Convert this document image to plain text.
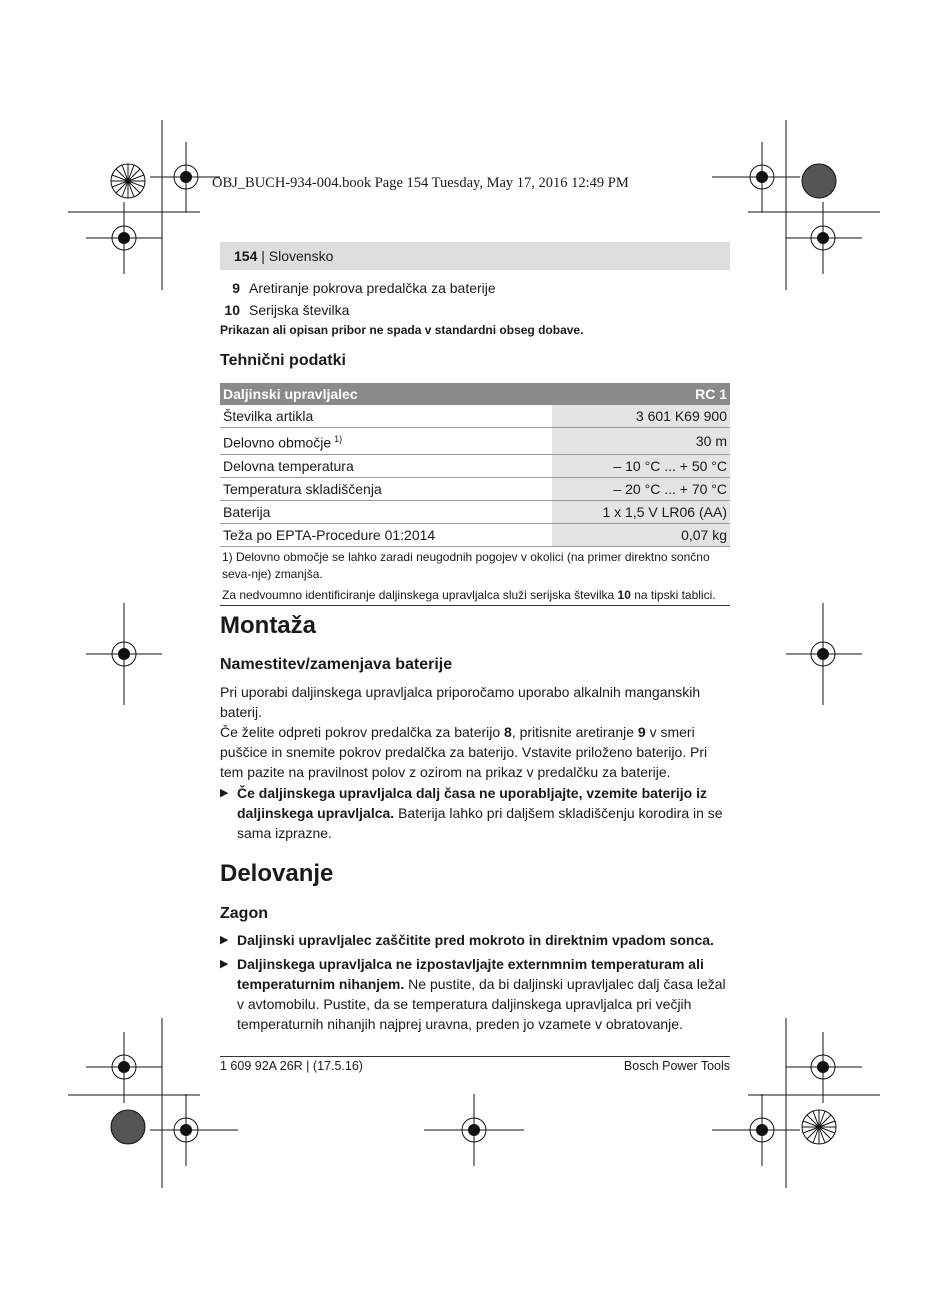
OBJ_BUCH-934-004.book Page 154 Tuesday, May 17, 2016 12:49 PM
154 | Slovensko
9 Aretiranje pokrova predalčka za baterije
10 Serijska številka
Prikazan ali opisan pribor ne spada v standardni obseg dobave.
Tehnični podatki
Daljinski upravljalec	RC 1
Številka artikla	3 601 K69 900
Delovno območje $^{1)}$	30 m
Delovna temperatura	– 10 °C ... + 50 °C
Temperatura skladiščenja	– 20 °C ... + 70 °C
Baterija	1 x 1,5 V LR06 (AA)
Teža po EPTA-Procedure 01:2014	0,07 kg
1) Delovno območje se lahko zaradi neugodnih pogojev v okolici (na primer direktno sončno seva-nje) zmanjša.
Za nedvoumno identificiranje daljinskega upravljalca služi serijska številka 10 na tipski tablici.
Montaža
Namestitev/zamenjava baterije
Pri uporabi daljinskega upravljalca priporočamo uporabo alkalnih manganskih baterij.
Če želite odpreti pokrov predalčka za baterijo 8, pritisnite aretiranje 9 v smeri puščice in snemite pokrov predalčka za baterijo. Vstavite priloženo baterijo. Pri tem pazite na pravilnost polov z ozirom na prikaz v predalčku za baterije.
▶ Če daljinskega upravljalca dalj časa ne uporabljajte, vzemite baterijo iz daljinskega upravljalca. Baterija lahko pri daljšem skladiščenju korodira in se sama izprazne.
Delovanje
Zagon
▶ Daljinski upravljalec zaščitite pred mokroto in direktnim vpadom sonca.
▶ Daljinskega upravljalca ne izpostavljajte externmnim temperaturam ali temperaturnim nihanjem. Ne pustite, da bi daljinski upravljalec dalj časa ležal v avtomobilu. Pustite, da se temperatura daljinskega upravljalca pri večjih temperaturnih nihanjih najprej uravna, preden jo vzamete v obratovanje.
1 609 92A 26R | (17.5.16)	Bosch Power Tools
